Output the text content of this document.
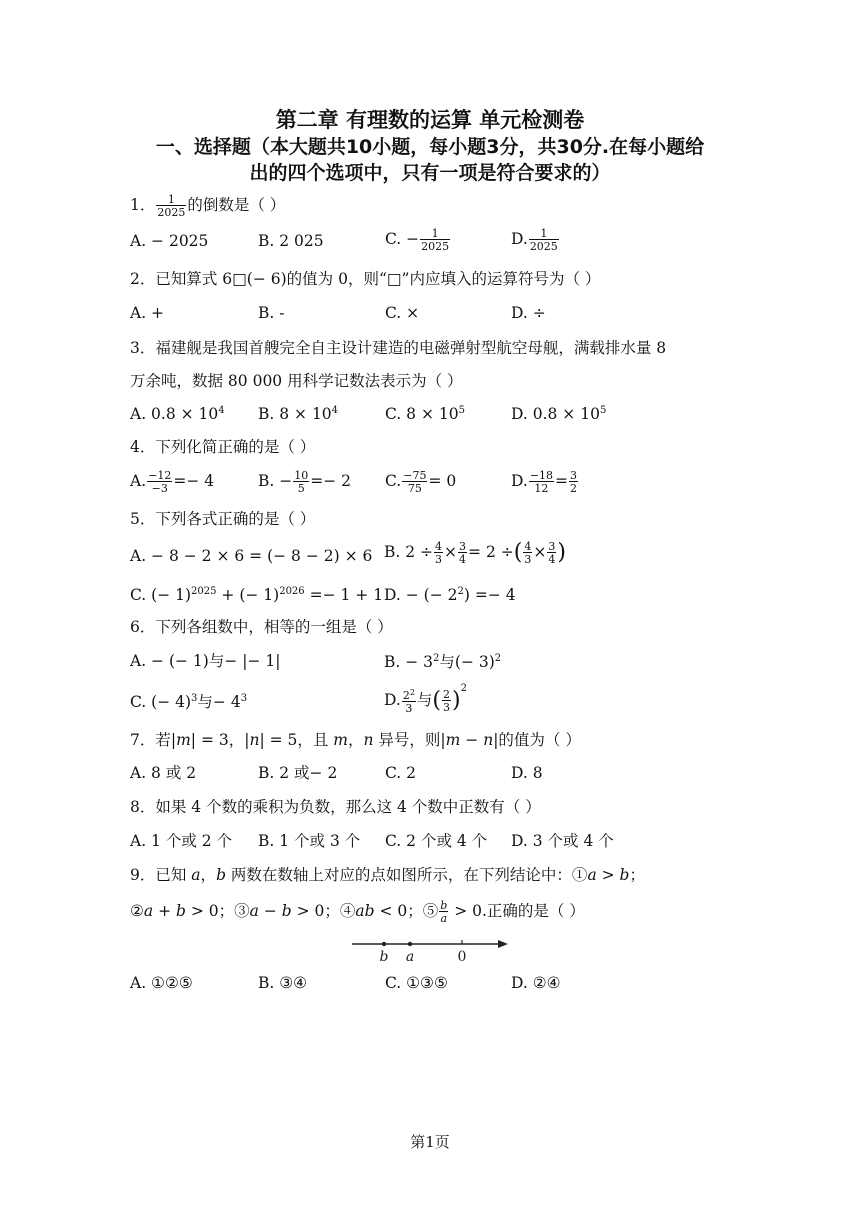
第二章 有理数的运算 单元检测卷
一、选择题（本大题共10小题，每小题3分，共30分.在每小题给
出的四个选项中，只有一项是符合要求的）
1． $\frac{1}{2025}$ 的倒数是（ ）
A. − 2025	B. 2 025	C. − $\frac{1}{2025}$	D. $\frac{1}{2025}$
2．已知算式 6□(− 6)的值为 0，则“□”内应填入的运算符号为（ ）
A. +	B. -	C. ×	D. ÷
3．福建舰是我国首艘完全自主设计建造的电磁弹射型航空母舰，满载排水量 8
万余吨，数据 80 000 用科学记数法表示为（ ）
A. $0.8 \times 10^4$ B. $8 \times 10^4$	C. $8 \times 10^5$	D. $0.8 \times 10^5$
4．下列化简正确的是（ ）
A. $\frac{-12}{-3} =- 4$	B. − $\frac{10}{5} =- 2$ C. $\frac{-75}{75} = 0$	D. $\frac{-18}{12} = \frac{3}{2}$
5．下列各式正确的是（ ）
A. − 8 − 2 × 6 = (− 8 − 2) × 6 B. $2 \div \frac{4}{3} \times \frac{3}{4} = 2$ ÷( $\frac{4}{3} \times \frac{3}{4}$ )
C. (− 1)$^{2025}$ + (− 1)$^{2026}$ =− 1 + 1 D. − (− $2^2) =- 4$
6．下列各组数中，相等的一组是（ ）
A. − (− 1)与− |− 1|	B. − $3^2$与(− 3)$^2$
C. (− 4)$^3$与− $4^3$	D. $\frac{2^2}{3}$ 与( $\frac{2}{3} )^2$
7．若|m| = 3，|n| = 5，且 m，n 异号，则|m − n|的值为（ ）
A. 8 或 2	B. 2 或− 2	C. 2	D. 8
8．如果 4 个数的乘积为负数，那么这 4 个数中正数有（ ）
A. 1 个或 2 个 B. 1 个或 3 个 C. 2 个或 4 个 D. 3 个或 4 个
9．已知 a，b 两数在数轴上对应的点如图所示，在下列结论中：①a > b；
②a + b > 0；③a − b > 0；④ab < 0；⑤ $\frac{b}{a} > 0$.正确的是（ ）
b a	0
A. ①②⑤	B. ③④	C. ①③⑤	D. ②④
第1页
